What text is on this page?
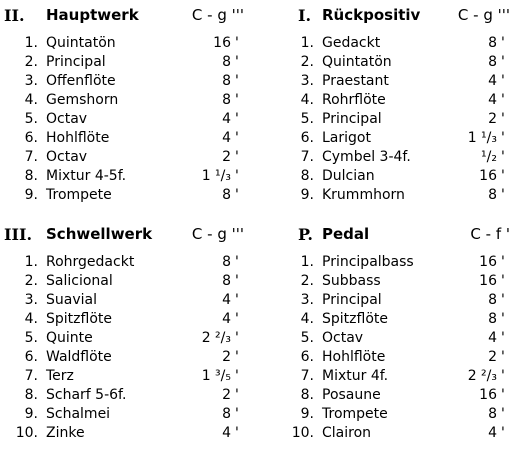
II. Hauptwerk	C - g '''
1. Quintatön	16 '
2. Principal	8 '
3. Offenflöte	8 '
4. Gemshorn	8 '
5. Octav	4 '
6. Hohlflöte	4 '
7. Octav	2 '
8. Mixtur 4-5f.	1 ¹/₃ '
9. Trompete	8 '
I. Rückpositiv	C - g '''
1. Gedackt	8 '
2. Quintatön	8 '
3. Praestant	4 '
4. Rohrflöte	4 '
5. Principal	2 '
6. Larigot	1 ¹/₃ '
7. Cymbel 3-4f.	¹/₂ '
8. Dulcian	16 '
9. Krummhorn	8 '
III. Schwellwerk	C - g '''
1. Rohrgedackt	8 '
2. Salicional	8 '
3. Suavial	4 '
4. Spitzflöte	4 '
5. Quinte	2 ²/₃ '
6. Waldflöte	2 '
7. Terz	1 ³/₅ '
8. Scharf 5-6f.	2 '
9. Schalmei	8 '
10. Zinke	4 '
P. Pedal	C - f '
1. Principalbass	16 '
2. Subbass	16 '
3. Principal	8 '
4. Spitzflöte	8 '
5. Octav	4 '
6. Hohlflöte	2 '
7. Mixtur 4f.	2 ²/₃ '
8. Posaune	16 '
9. Trompete	8 '
10. Clairon	4 '
